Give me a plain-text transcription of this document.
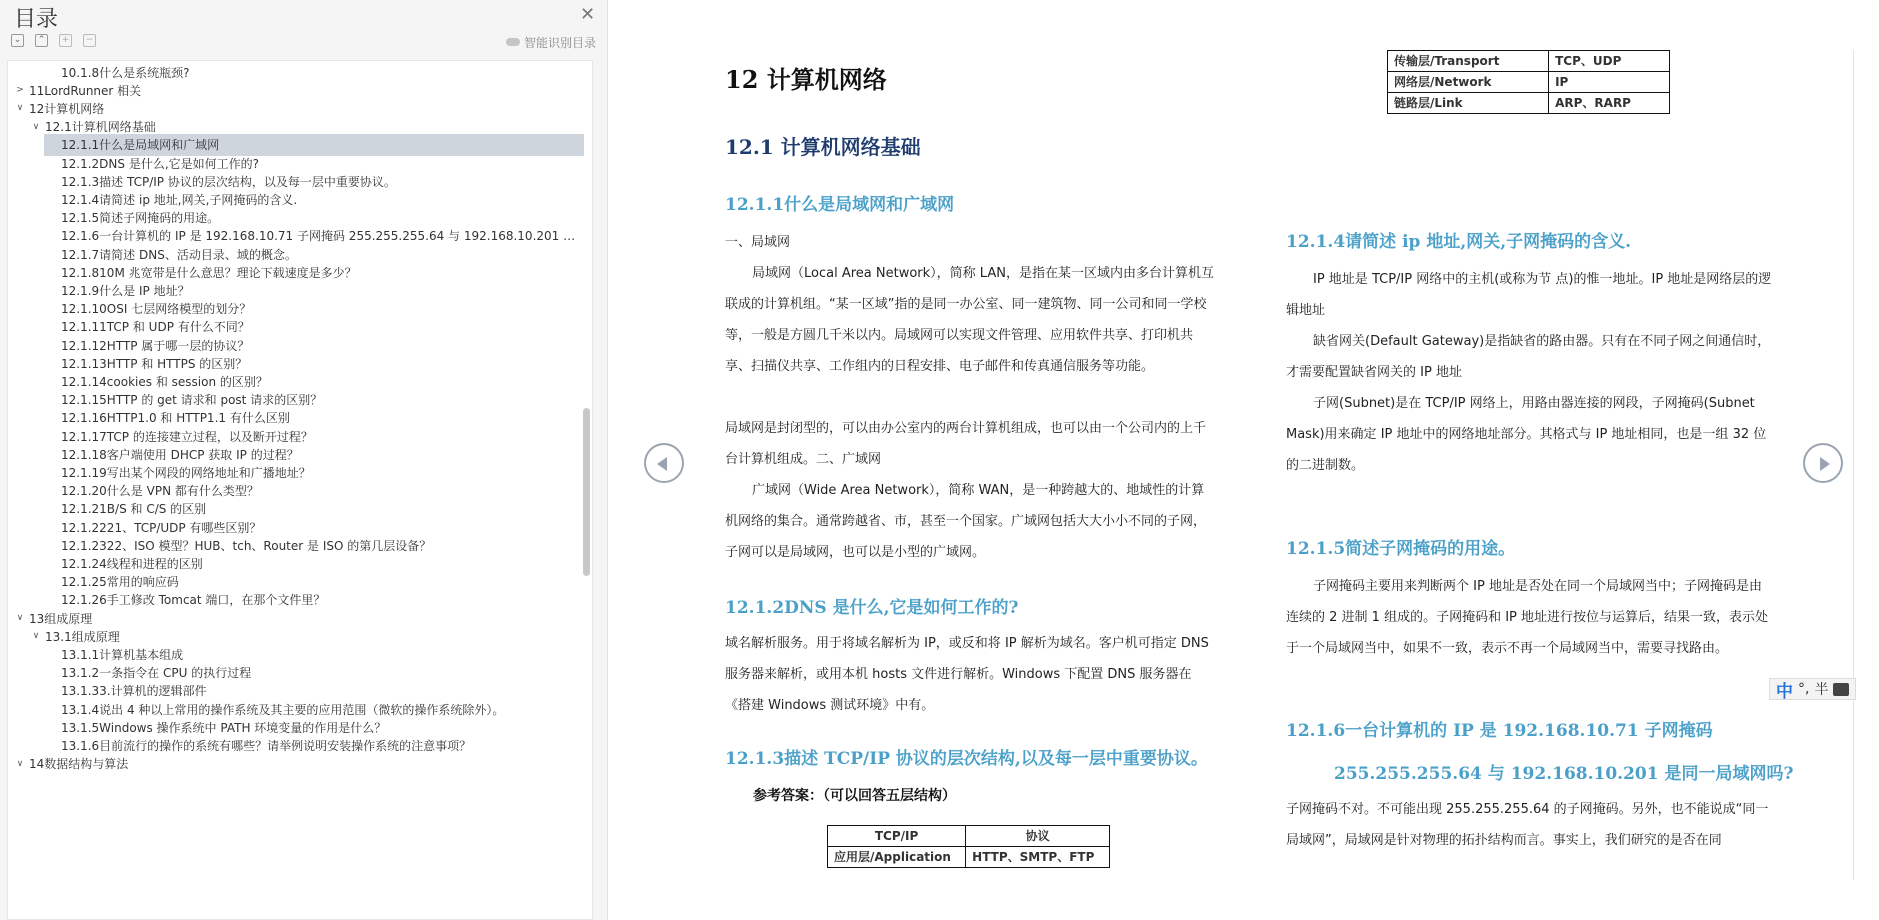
目录	✕
⌄	⌃	+	−	智能识别目录
10.1.8什么是系统瓶颈?
> 11LordRunner 相关
∨ 12计算机网络
∨ 12.1计算机网络基础
12.1.1什么是局域网和广域网
12.1.2DNS 是什么,它是如何工作的?
12.1.3描述 TCP/IP 协议的层次结构，以及每一层中重要协议。
12.1.4请简述 ip 地址,网关,子网掩码的含义.
12.1.5简述子网掩码的用途。
12.1.6一台计算机的 IP 是 192.168.10.71 子网掩码 255.255.255.64 与 192.168.10.201 …
12.1.7请简述 DNS、活动目录、域的概念。
12.1.810M 兆宽带是什么意思？理论下载速度是多少？
12.1.9什么是 IP 地址？
12.1.10OSI 七层网络模型的划分？
12.1.11TCP 和 UDP 有什么不同？
12.1.12HTTP 属于哪一层的协议？
12.1.13HTTP 和 HTTPS 的区别？
12.1.14cookies 和 session 的区别？
12.1.15HTTP 的 get 请求和 post 请求的区别？
12.1.16HTTP1.0 和 HTTP1.1 有什么区别
12.1.17TCP 的连接建立过程，以及断开过程？
12.1.18客户端使用 DHCP 获取 IP 的过程？
12.1.19写出某个网段的网络地址和广播地址？
12.1.20什么是 VPN 都有什么类型？
12.1.21B/S 和 C/S 的区别
12.1.2221、TCP/UDP 有哪些区别？
12.1.2322、ISO 模型？HUB、tch、Router 是 ISO 的第几层设备？
12.1.24线程和进程的区别
12.1.25常用的响应码
12.1.26手工修改 Tomcat 端口，在那个文件里？
∨ 13组成原理
∨ 13.1组成原理
13.1.1计算机基本组成
13.1.2一条指令在 CPU 的执行过程
13.1.33.计算机的逻辑部件
13.1.4说出 4 种以上常用的操作系统及其主要的应用范围（微软的操作系统除外）。
13.1.5Windows 操作系统中 PATH 环境变量的作用是什么？
13.1.6目前流行的操作的系统有哪些？请举例说明安装操作系统的注意事项？
∨ 14数据结构与算法
12 计算机网络
12.1 计算机网络基础
12.1.1什么是局域网和广域网
一、局域网
局域网（Local Area Network），简称 LAN，是指在某一区域内由多台计算机互联成的计算机组。“某一区域”指的是同一办公室、同一建筑物、同一公司和同一学校等，一般是方圆几千米以内。局域网可以实现文件管理、应用软件共享、打印机共享、扫描仪共享、工作组内的日程安排、电子邮件和传真通信服务等功能。
局域网是封闭型的，可以由办公室内的两台计算机组成，也可以由一个公司内的上千台计算机组成。二、广域网
广域网（Wide Area Network），简称 WAN，是一种跨越大的、地域性的计算机网络的集合。通常跨越省、市，甚至一个国家。广域网包括大大小小不同的子网，子网可以是局域网，也可以是小型的广域网。
12.1.2DNS 是什么,它是如何工作的?
域名解析服务。用于将域名解析为 IP，或反和将 IP 解析为域名。客户机可指定 DNS 服务器来解析，或用本机 hosts 文件进行解析。Windows 下配置 DNS 服务器在《搭建 Windows 测试环境》中有。
12.1.3描述 TCP/IP 协议的层次结构,以及每一层中重要协议。
参考答案：（可以回答五层结构）
TCP/IP	协议
应用层/Application	HTTP、SMTP、FTP
传输层/Transport	TCP、UDP
网络层/Network	IP
链路层/Link	ARP、RARP
12.1.4请简述 ip 地址,网关,子网掩码的含义.
IP 地址是 TCP/IP 网络中的主机(或称为节 点)的惟一地址。IP 地址是网络层的逻辑地址
缺省网关(Default Gateway)是指缺省的路由器。只有在不同子网之间通信时，才需要配置缺省网关的 IP 地址
子网(Subnet)是在 TCP/IP 网络上，用路由器连接的网段，子网掩码(Subnet Mask)用来确定 IP 地址中的网络地址部分。其格式与 IP 地址相同，也是一组 32 位的二进制数。
12.1.5简述子网掩码的用途。
子网掩码主要用来判断两个 IP 地址是否处在同一个局域网当中；子网掩码是由连续的 2 进制 1 组成的。子网掩码和 IP 地址进行按位与运算后，结果一致，表示处于一个局域网当中，如果不一致，表示不再一个局域网当中，需要寻找路由。
12.1.6一台计算机的 IP 是 192.168.10.71 子网掩码
255.255.255.64 与 192.168.10.201 是同一局域网吗?
子网掩码不对。不可能出现 255.255.255.64 的子网掩码。另外，也不能说成“同一局域网”，局域网是针对物理的拓扑结构而言。事实上，我们研究的是否在同
中 °, 半
